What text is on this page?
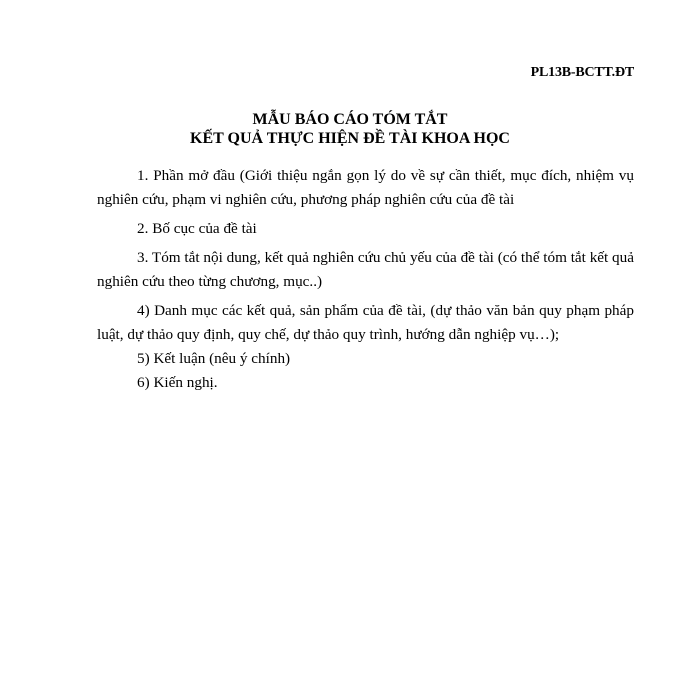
PL13B-BCTT.ĐT
MẪU BÁO CÁO TÓM TẮT
KẾT QUẢ THỰC HIỆN ĐỀ TÀI KHOA HỌC

1. Phần mở đầu (Giới thiệu ngắn gọn lý do về sự cần thiết, mục đích, nhiệm vụ nghiên cứu, phạm vi nghiên cứu, phương pháp nghiên cứu của đề tài

2. Bố cục của đề tài

3. Tóm tắt nội dung, kết quả nghiên cứu chủ yếu của đề tài (có thể tóm tắt kết quả nghiên cứu theo từng chương, mục..)

4) Danh mục các kết quả, sản phẩm của đề tài, (dự thảo văn bản quy phạm pháp luật, dự thảo quy định, quy chế, dự thảo quy trình, hướng dẫn nghiệp vụ…);

5) Kết luận (nêu ý chính)

6) Kiến nghị.
